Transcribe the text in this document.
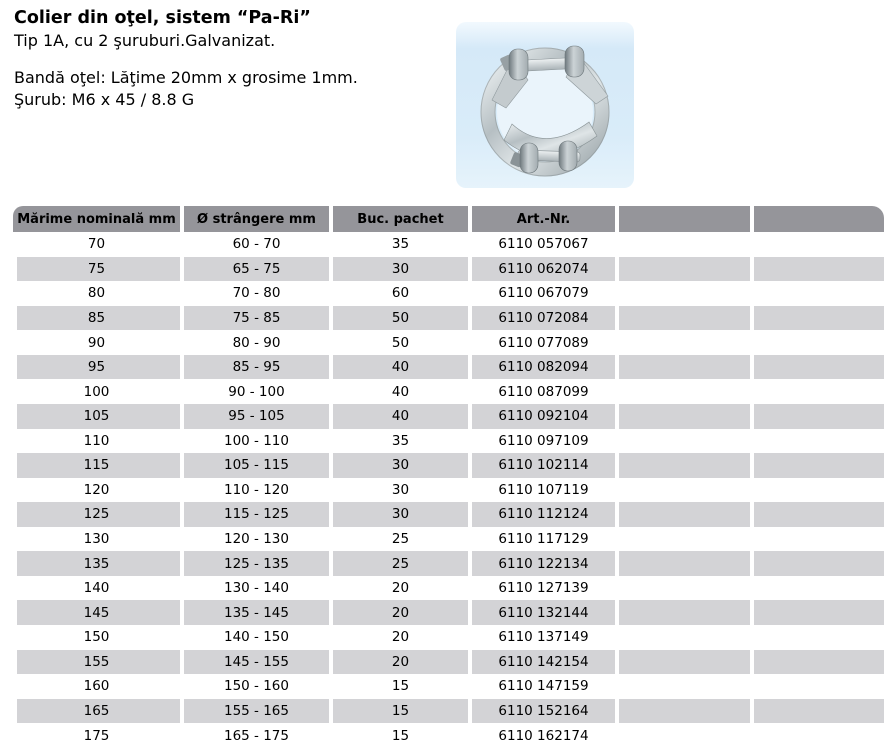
Colier din oţel, sistem “Pa-Ri”
Tip 1A, cu 2 şuruburi.Galvanizat.
Bandă oţel: Lăţime 20mm x grosime 1mm.
Şurub: M6 x 45 / 8.8 G
Mărime nominală mm	Ø strângere mm	Buc. pachet	Art.-Nr.
70	60 - 70	35	6110 057067
75	65 - 75	30	6110 062074
80	70 - 80	60	6110 067079
85	75 - 85	50	6110 072084
90	80 - 90	50	6110 077089
95	85 - 95	40	6110 082094
100	90 - 100	40	6110 087099
105	95 - 105	40	6110 092104
110	100 - 110	35	6110 097109
115	105 - 115	30	6110 102114
120	110 - 120	30	6110 107119
125	115 - 125	30	6110 112124
130	120 - 130	25	6110 117129
135	125 - 135	25	6110 122134
140	130 - 140	20	6110 127139
145	135 - 145	20	6110 132144
150	140 - 150	20	6110 137149
155	145 - 155	20	6110 142154
160	150 - 160	15	6110 147159
165	155 - 165	15	6110 152164
175	165 - 175	15	6110 162174
